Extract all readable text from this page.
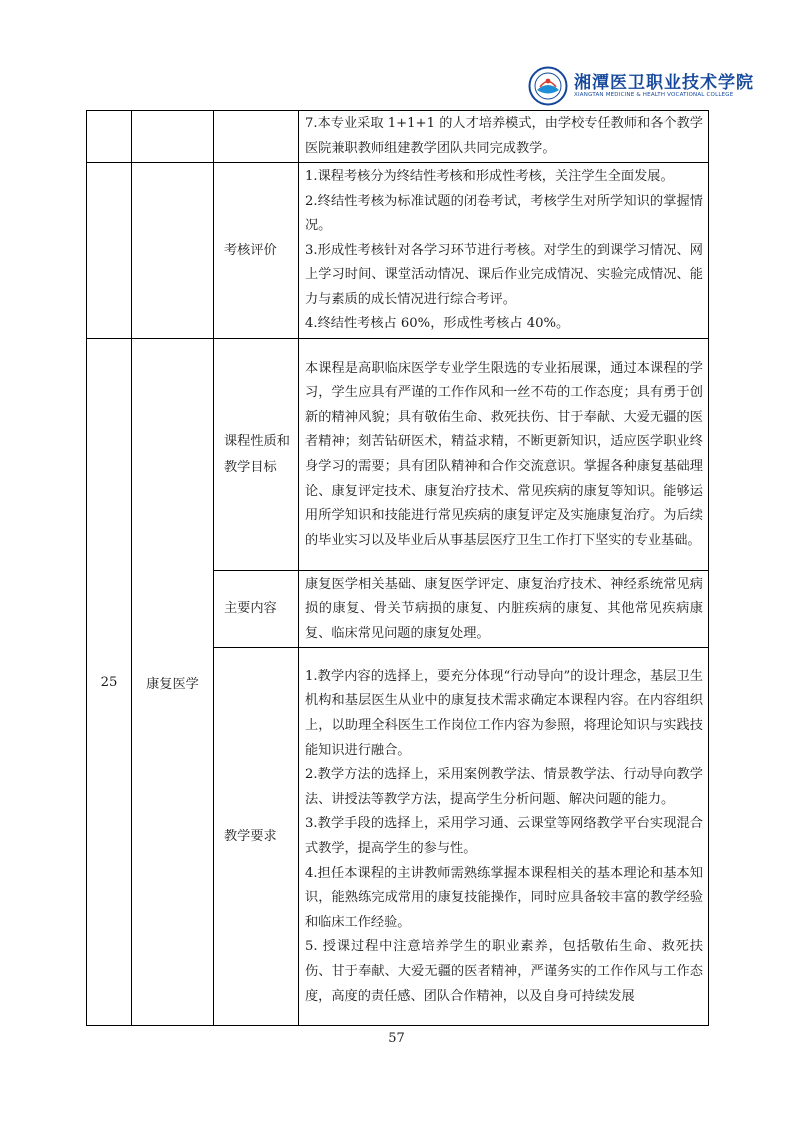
湘潭医卫职业技术学院
XIANGTAN MEDICINE & HEALTH VOCATIONAL COLLEGE

			7.本专业采取 1+1+1 的人才培养模式，由学校专任教师和各个教学医院兼职教师组建教学团队共同完成教学。

		考核评价	1.课程考核分为终结性考核和形成性考核，关注学生全面发展。
2.终结性考核为标准试题的闭卷考试，考核学生对所学知识的掌握情况。
3.形成性考核针对各学习环节进行考核。对学生的到课学习情况、网上学习时间、课堂活动情况、课后作业完成情况、实验完成情况、能力与素质的成长情况进行综合考评。
4.终结性考核占 60%，形成性考核占 40%。

25	康复医学	课程性质和教学目标	本课程是高职临床医学专业学生限选的专业拓展课，通过本课程的学习，学生应具有严谨的工作作风和一丝不苟的工作态度；具有勇于创新的精神风貌；具有敬佑生命、救死扶伤、甘于奉献、大爱无疆的医者精神；刻苦钻研医术，精益求精，不断更新知识，适应医学职业终身学习的需要；具有团队精神和合作交流意识。掌握各种康复基础理论、康复评定技术、康复治疗技术、常见疾病的康复等知识。能够运用所学知识和技能进行常见疾病的康复评定及实施康复治疗。为后续的毕业实习以及毕业后从事基层医疗卫生工作打下坚实的专业基础。

		主要内容	康复医学相关基础、康复医学评定、康复治疗技术、神经系统常见病损的康复、骨关节病损的康复、内脏疾病的康复、其他常见疾病康复、临床常见问题的康复处理。

		教学要求	1.教学内容的选择上，要充分体现“行动导向”的设计理念，基层卫生机构和基层医生从业中的康复技术需求确定本课程内容。在内容组织上，以助理全科医生工作岗位工作内容为参照，将理论知识与实践技能知识进行融合。
2.教学方法的选择上，采用案例教学法、情景教学法、行动导向教学法、讲授法等教学方法，提高学生分析问题、解决问题的能力。
3.教学手段的选择上，采用学习通、云课堂等网络教学平台实现混合式教学，提高学生的参与性。
4.担任本课程的主讲教师需熟练掌握本课程相关的基本理论和基本知识，能熟练完成常用的康复技能操作，同时应具备较丰富的教学经验和临床工作经验。
5. 授课过程中注意培养学生的职业素养，包括敬佑生命、救死扶伤、甘于奉献、大爱无疆的医者精神，严谨务实的工作作风与工作态度，高度的责任感、团队合作精神，以及自身可持续发展
57
